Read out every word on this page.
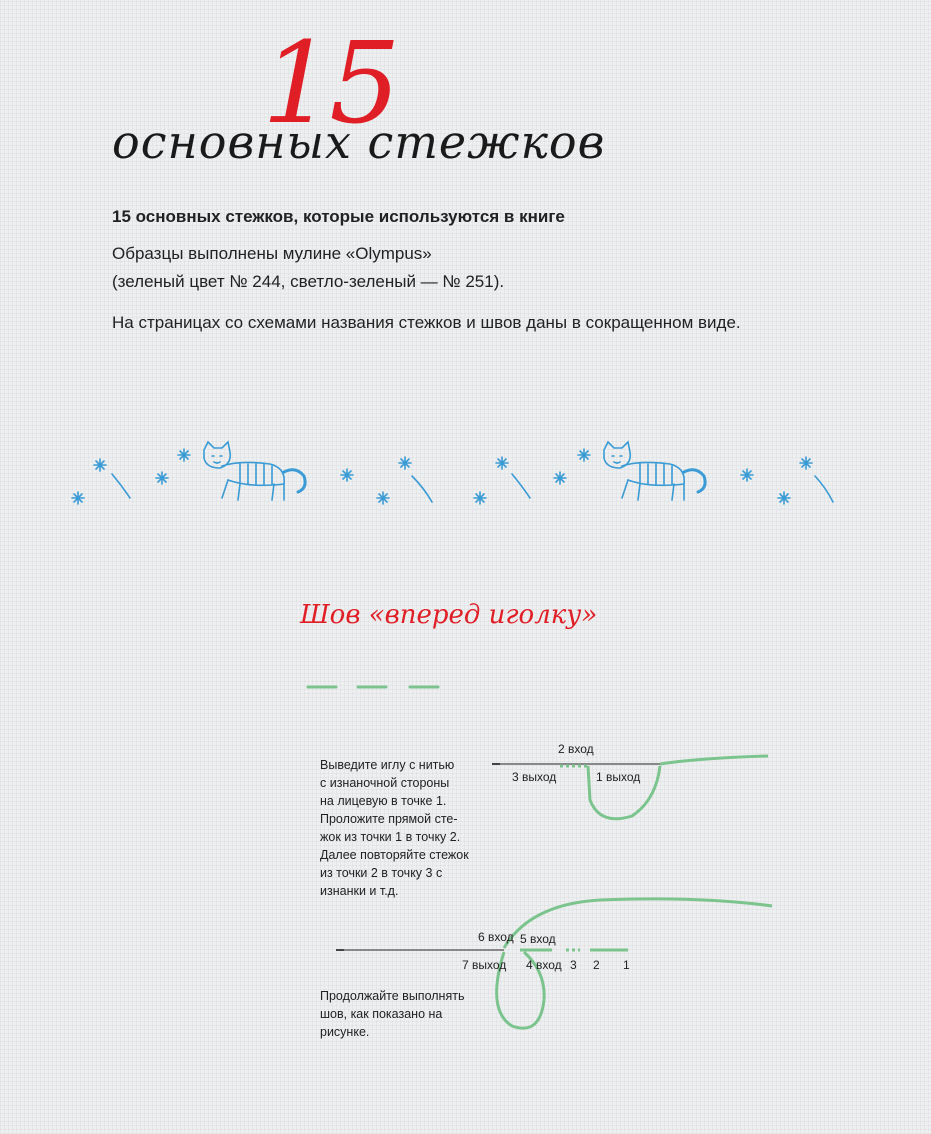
15
основных стежков
15 основных стежков, которые используются в книге
Образцы выполнены мулине «Olympus»
(зеленый цвет № 244, светло-зеленый — № 251).
На страницах со схемами названия стежков и швов даны в сокращенном виде.
Шов «вперед иголку»
Выведите иглу с нитью
с изнаночной стороны
на лицевую в точке 1.
Проложите прямой сте-
жок из точки 1 в точку 2.
Далее повторяйте стежок
из точки 2 в точку 3 с
изнанки и т.д.
Продолжайте выполнять
шов, как показано на
рисунке.
2 вход
3 выход	1 выход
6 вход 5 вход
7 выход 4 вход 3 2 1
